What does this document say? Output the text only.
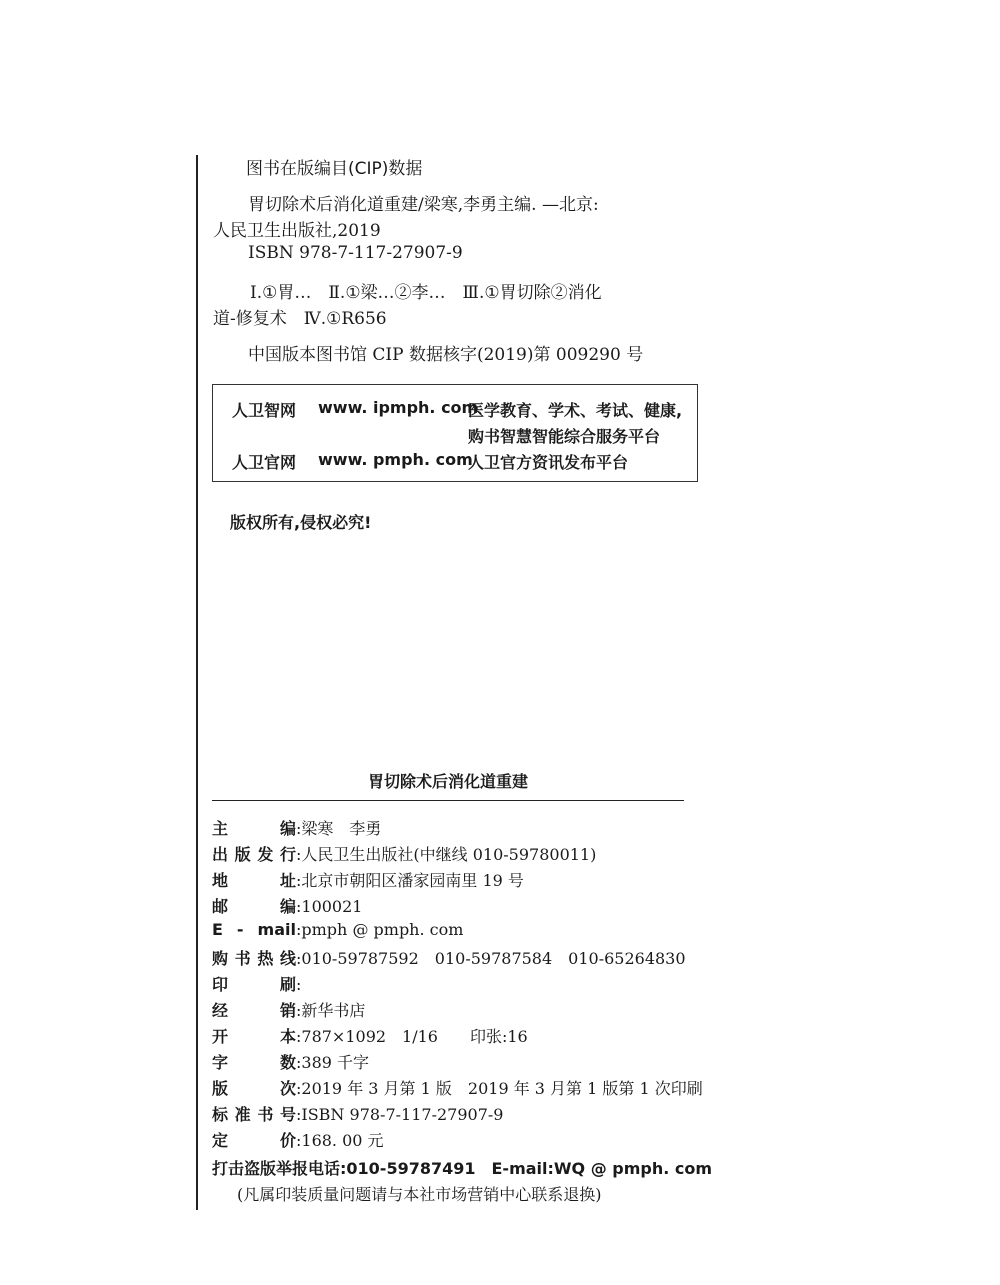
图书在版编目(CIP)数据
胃切除术后消化道重建/梁寒,李勇主编. —北京:
人民卫生出版社,2019
ISBN 978-7-117-27907-9
Ⅰ.①胃…　Ⅱ.①梁…②李…　Ⅲ.①胃切除②消化
道-修复术　Ⅳ.①R656
中国版本图书馆 CIP 数据核字(2019)第 009290 号
人卫智网 www. ipmph. com
医学教育、学术、考试、健康,
购书智慧智能综合服务平台
人卫官网 www. pmph. com
人卫官方资讯发布平台
版权所有,侵权必究!
胃切除术后消化道重建
主　编:梁寒　李勇
出版发行:人民卫生出版社(中继线 010-59780011)
地　址:北京市朝阳区潘家园南里 19 号
邮　编:100021
E - mail:pmph @ pmph. com
购书热线:010-59787592　010-59787584　010-65264830
印　刷:
经　销:新华书店
开　本:787×1092　1/16　　印张:16
字　数:389 千字
版　次:2019 年 3 月第 1 版　2019 年 3 月第 1 版第 1 次印刷
标准书号:ISBN 978-7-117-27907-9
定　价:168. 00 元
打击盗版举报电话:010-59787491　E-mail:WQ @ pmph. com
(凡属印装质量问题请与本社市场营销中心联系退换)
